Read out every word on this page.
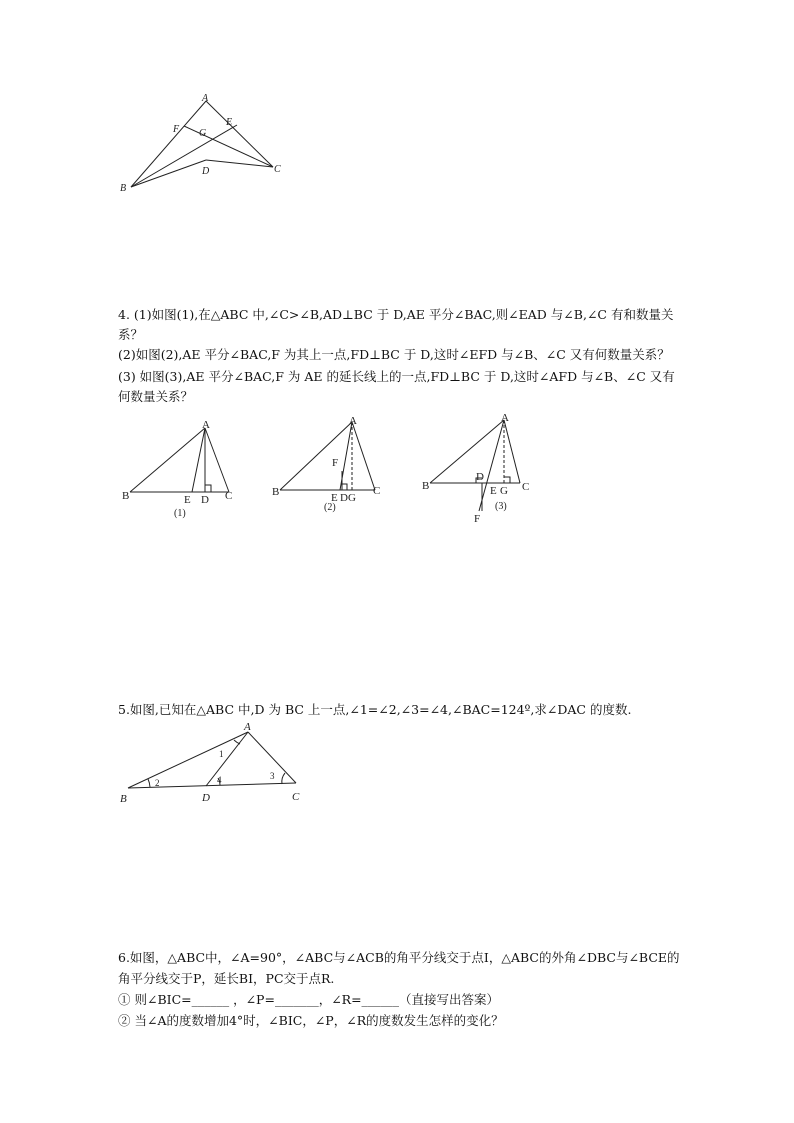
A
B
C
D
E
F G
4. (1)如图(1),在△ABC 中,∠C>∠B,AD⊥BC 于 D,AE 平分∠BAC,则∠EAD 与∠B,∠C 有和数量关
系？
(2)如图(2),AE 平分∠BAC,F 为其上一点,FD⊥BC 于 D,这时∠EFD 与∠B、∠C 又有何数量关系？
(3) 如图(3),AE 平分∠BAC,F 为 AE 的延长线上的一点,FD⊥BC 于 D,这时∠AFD 与∠B、∠C 又有
何数量关系？
A
B	C
D
E
(1)
A
B	C
F
E D G
(2)
A
B	C
D
E G
F
(3)
5.如图,已知在△ABC 中,D 为 BC 上一点,∠1=∠2,∠3=∠4,∠BAC=124º,求∠DAC 的度数.
A
B	C
D
1
2
3
4
6.如图，△ABC中，∠A=90°，∠ABC与∠ACB的角平分线交于点I，△ABC的外角∠DBC与∠BCE的
角平分线交于P，延长BI，PC交于点R.
① 则∠BIC=______ ，∠P=_______，∠R=______（直接写出答案）
② 当∠A的度数增加4°时，∠BIC，∠P，∠R的度数发生怎样的变化？
